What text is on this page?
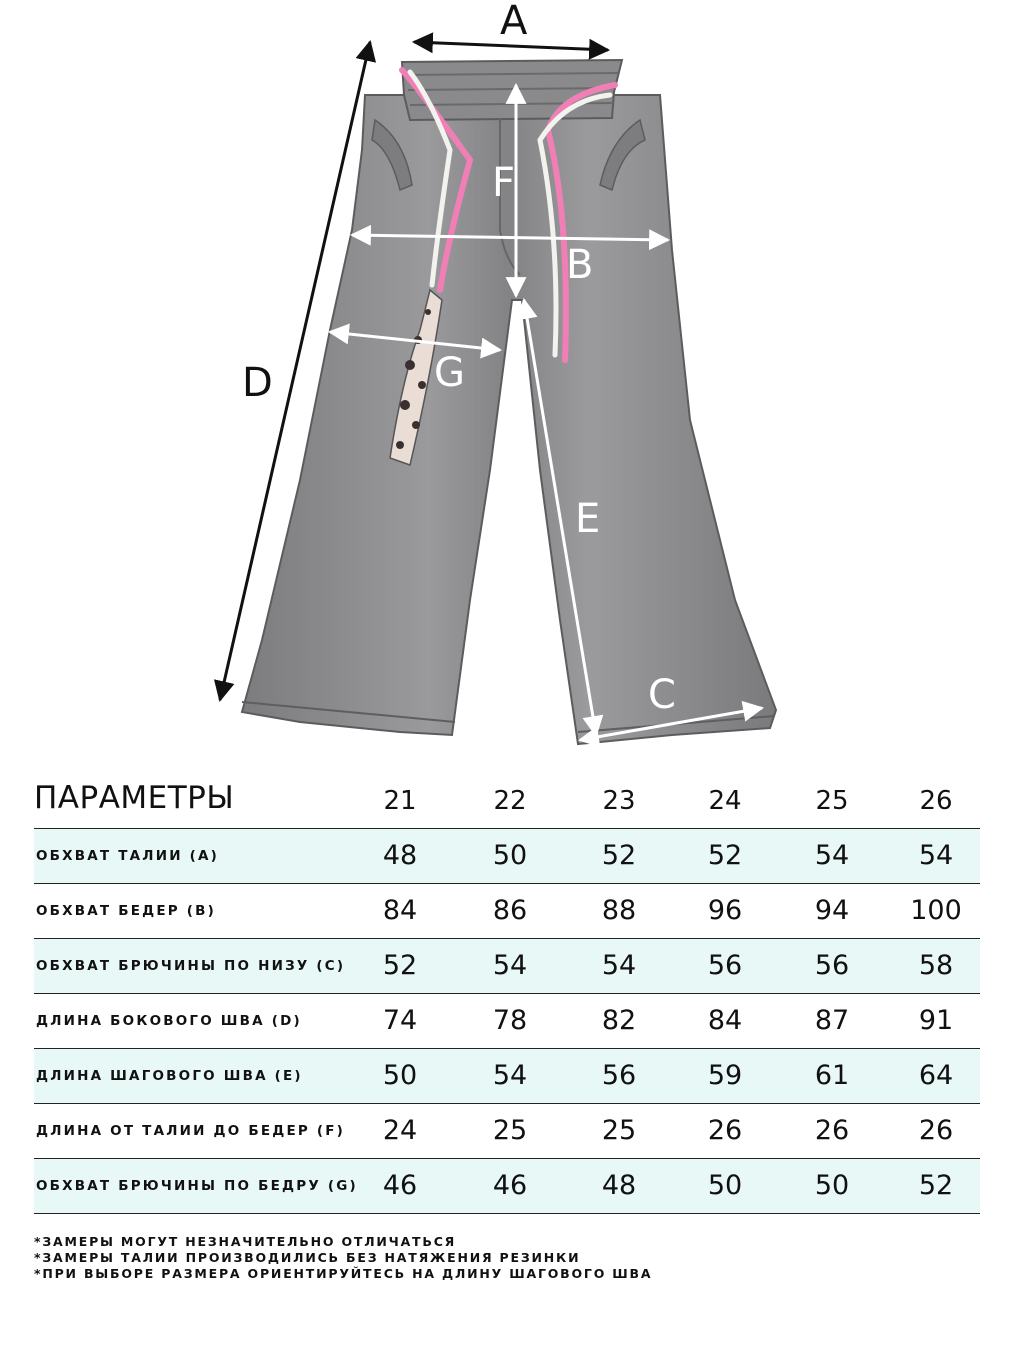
A
D
F
B
G
E
C
ПАРАМЕТРЫ	21	22	23	24	25	26
ОБХВАТ ТАЛИИ (A)	48	50	52	52	54	54
ОБХВАТ БЕДЕР (B)	84	86	88	96	94	100
ОБХВАТ БРЮЧИНЫ ПО НИЗУ (C)	52	54	54	56	56	58
ДЛИНА БОКОВОГО ШВА (D)	74	78	82	84	87	91
ДЛИНА ШАГОВОГО ШВА (E)	50	54	56	59	61	64
ДЛИНА ОТ ТАЛИИ ДО БЕДЕР (F)	24	25	25	26	26	26
ОБХВАТ БРЮЧИНЫ ПО БЕДРУ (G) 46	46	48	50	50	52
*ЗАМЕРЫ МОГУТ НЕЗНАЧИТЕЛЬНО ОТЛИЧАТЬСЯ
*ЗАМЕРЫ ТАЛИИ ПРОИЗВОДИЛИСЬ БЕЗ НАТЯЖЕНИЯ РЕЗИНКИ
*ПРИ ВЫБОРЕ РАЗМЕРА ОРИЕНТИРУЙТЕСЬ НА ДЛИНУ ШАГОВОГО ШВА
